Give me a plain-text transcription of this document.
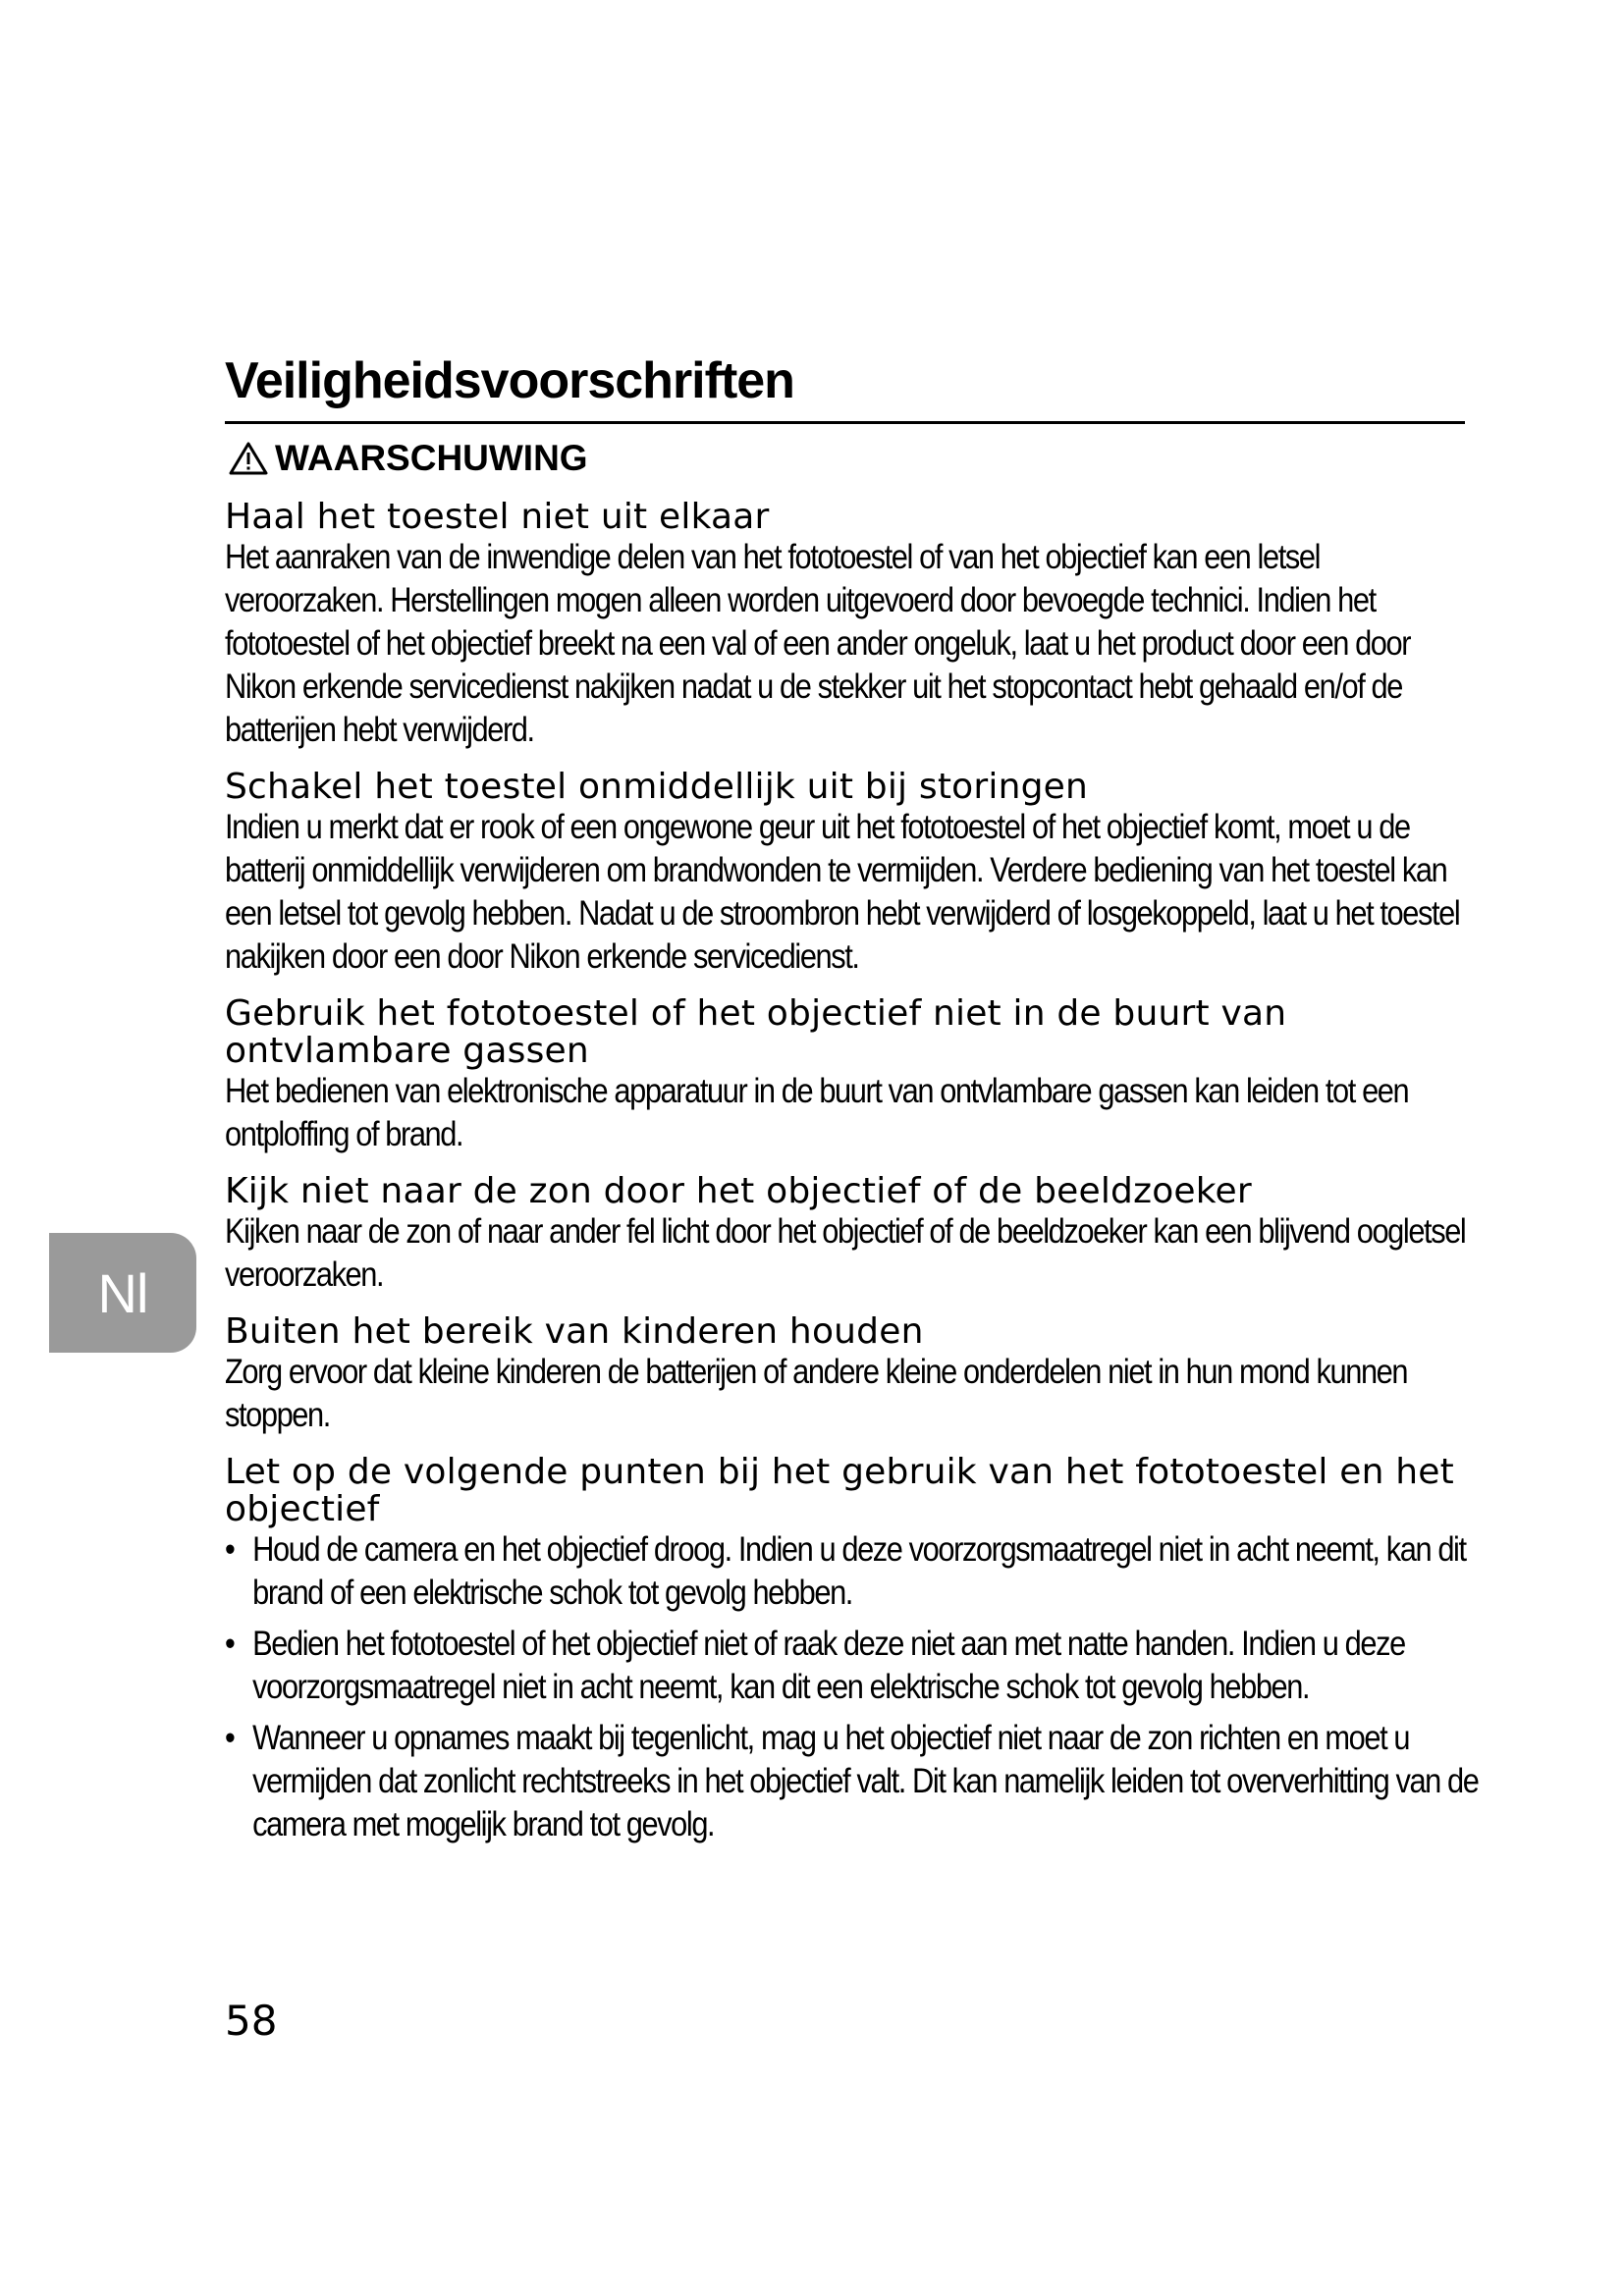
Veiligheidsvoorschriften
WAARSCHUWING
Haal het toestel niet uit elkaar

Het aanraken van de inwendige delen van het fototoestel of van het objectief kan een letsel veroorzaken. Herstellingen mogen alleen worden uitgevoerd door bevoegde technici. Indien het fototoestel of het objectief breekt na een val of een ander ongeluk, laat u het product door een door Nikon erkende servicedienst nakijken nadat u de stekker uit het stopcontact hebt gehaald en/of de batterijen hebt verwijderd.

Schakel het toestel onmiddellijk uit bij storingen

Indien u merkt dat er rook of een ongewone geur uit het fototoestel of het objectief komt, moet u de batterij onmiddellijk verwijderen om brandwonden te vermijden. Verdere bediening van het toestel kan een letsel tot gevolg hebben. Nadat u de stroombron hebt verwijderd of losgekoppeld, laat u het toestel nakijken door een door Nikon erkende servicedienst.

Gebruik het fototoestel of het objectief niet in de buurt van ontvlambare gassen

Het bedienen van elektronische apparatuur in de buurt van ontvlambare gassen kan leiden tot een ontploffing of brand.

Kijk niet naar de zon door het objectief of de beeldzoeker

Kijken naar de zon of naar ander fel licht door het objectief of de beeldzoeker kan een blijvend oogletsel veroorzaken.

Buiten het bereik van kinderen houden

Zorg ervoor dat kleine kinderen de batterijen of andere kleine onderdelen niet in hun mond kunnen stoppen.

Let op de volgende punten bij het gebruik van het fototoestel en het objectief
• Houd de camera en het objectief droog. Indien u deze voorzorgsmaatregel niet in acht neemt, kan dit brand of een elektrische schok tot gevolg hebben.
• Bedien het fototoestel of het objectief niet of raak deze niet aan met natte handen. Indien u deze voorzorgsmaatregel niet in acht neemt, kan dit een elektrische schok tot gevolg hebben.
• Wanneer u opnames maakt bij tegenlicht, mag u het objectief niet naar de zon richten en moet u vermijden dat zonlicht rechtstreeks in het objectief valt. Dit kan namelijk leiden tot oververhitting van de camera met mogelijk brand tot gevolg.
Nl
58
